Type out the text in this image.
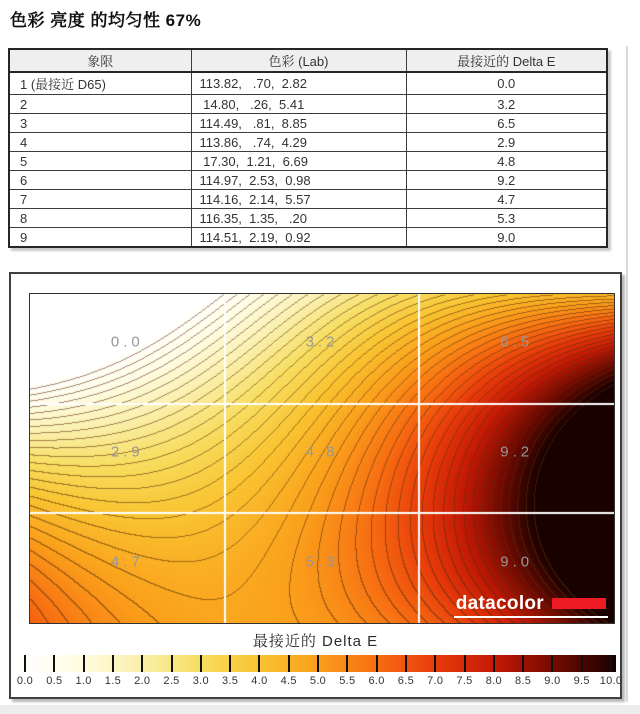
色彩 亮度 的均匀性 67%
象限	色彩 (Lab)	最接近的 Delta E
1 (最接近 D65)	113.82,   .70,  2.82	0.0
2	14.80,   .26,  5.41	3.2
3	114.49,   .81,  8.85	6.5
4	113.86,   .74,  4.29	2.9
5	17.30,  1.21,  6.69	4.8
6	114.97,  2.53,  0.98	9.2
7	114.16,  2.14,  5.57	4.7
8	116.35,  1.35,   .20	5.3
9	114.51,  2.19,  0.92	9.0
0.0	3.2	6.5
2.9	4.8	9.2
4.7	5.3	9.0
datacolor
最接近的 Delta E
0.0 0.5 1.0 1.5 2.0 2.5 3.0 3.5 4.0 4.5 5.0 5.5 6.0 6.5 7.0 7.5 8.0 8.5 9.0 9.5 10.0
